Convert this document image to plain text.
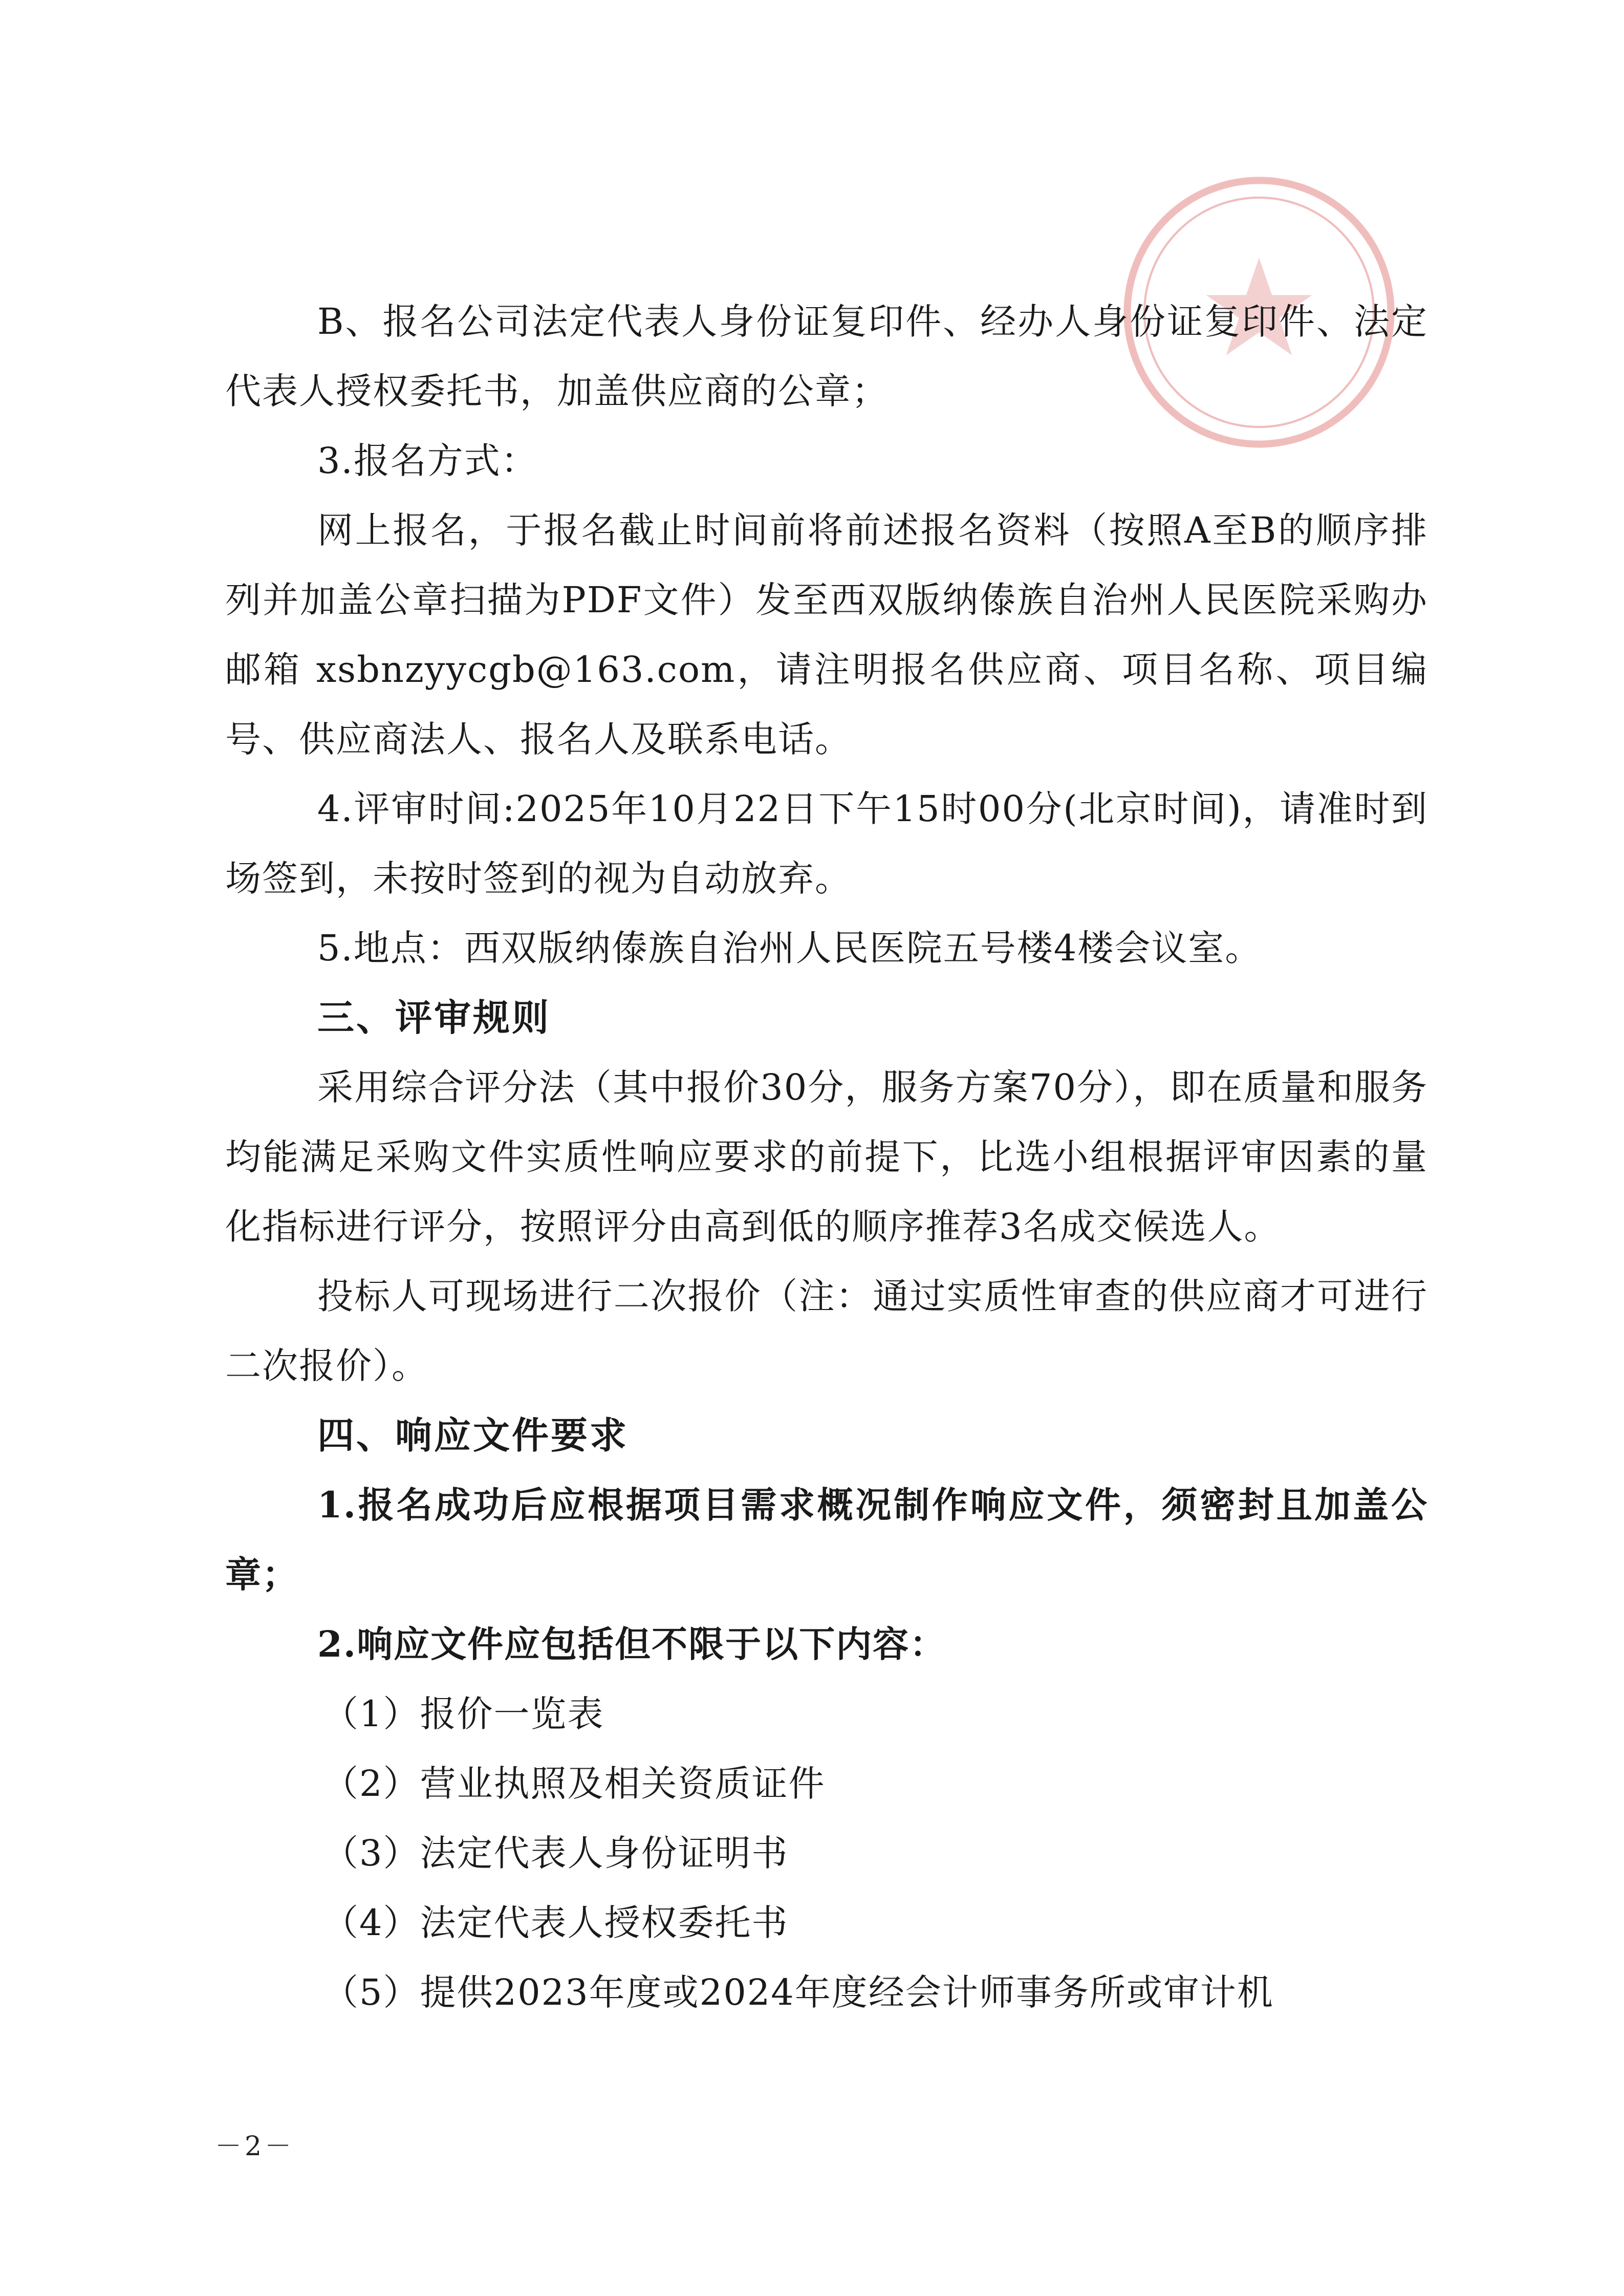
B、报名公司法定代表人身份证复印件、经办人身份证复印件、法定代表人授权委托书，加盖供应商的公章；

3.报名方式：

网上报名，于报名截止时间前将前述报名资料（按照A至B的顺序排列并加盖公章扫描为PDF文件）发至西双版纳傣族自治州人民医院采购办邮箱 xsbnzyycgb@163.com，请注明报名供应商、项目名称、项目编号、供应商法人、报名人及联系电话。

4.评审时间:2025年10月22日下午15时00分(北京时间)，请准时到场签到，未按时签到的视为自动放弃。

5.地点：西双版纳傣族自治州人民医院五号楼4楼会议室。

三、评审规则

采用综合评分法（其中报价30分，服务方案70分），即在质量和服务均能满足采购文件实质性响应要求的前提下，比选小组根据评审因素的量化指标进行评分，按照评分由高到低的顺序推荐3名成交候选人。

投标人可现场进行二次报价（注：通过实质性审查的供应商才可进行二次报价）。

四、响应文件要求

1.报名成功后应根据项目需求概况制作响应文件，须密封且加盖公章；

2.响应文件应包括但不限于以下内容：

（1）报价一览表

（2）营业执照及相关资质证件

（3）法定代表人身份证明书

（4）法定代表人授权委托书

（5）提供2023年度或2024年度经会计师事务所或审计机

－2－
